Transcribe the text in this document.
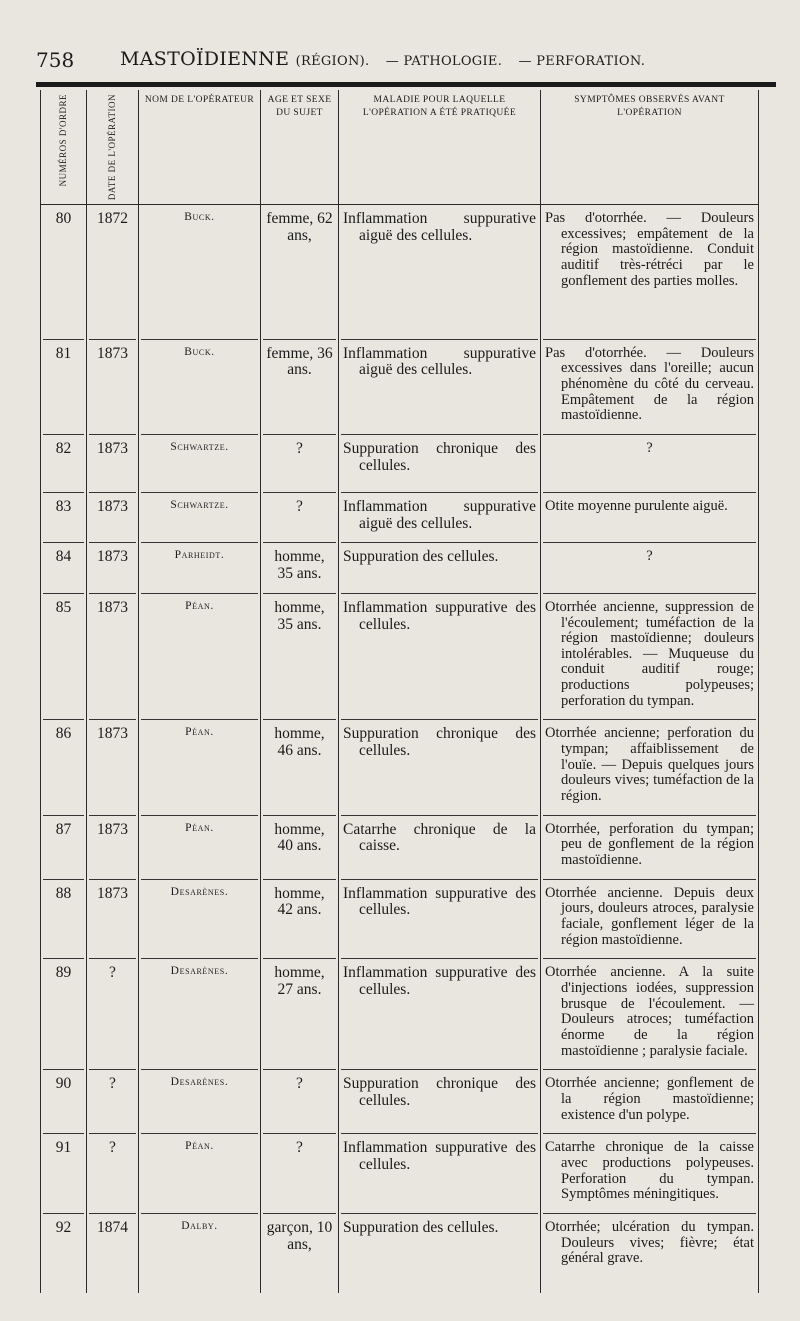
758 MASTOÏDIENNE (RÉGION). — PATHOLOGIE. — PERFORATION.
NUMÉROS D'ORDRE	DATE DE L'OPÉRATION	NOM DE L'OPÉRATEUR	AGE ET SEXE DU SUJET	MALADIE POUR LAQUELLE L'OPÉRATION A ÉTÉ PRATIQUÉE	SYMPTÔMES OBSERVÉS AVANT L'OPÉRATION
80	1872	Buck.	femme, 62 ans,	Inflammation suppurative aiguë des cellules.	Pas d'otorrhée. — Douleurs excessives; empâtement de la région mastoïdienne. Conduit auditif très-rétréci par le gonflement des parties molles.

81	1873	Buck.	femme, 36 ans.	Inflammation suppurative aiguë des cellules.	Pas d'otorrhée. — Douleurs excessives dans l'oreille; aucun phénomène du côté du cerveau. Empâtement de la région mastoïdienne.

82	1873	Schwartze.	?	Suppuration chronique des cellules.	?

83	1873	Schwartze.	?	Inflammation suppurative aiguë des cellules.	Otite moyenne purulente aiguë.

84	1873	Parheidt.	homme, 35 ans.	Suppuration des cellules.	?

85	1873	Péan.	homme, 35 ans.	Inflammation suppurative des cellules.	Otorrhée ancienne, suppression de l'écoulement; tuméfaction de la région mastoïdienne; douleurs intolérables. — Muqueuse du conduit auditif rouge; productions polypeuses; perforation du tympan.

86	1873	Péan.	homme, 46 ans.	Suppuration chronique des cellules.	Otorrhée ancienne; perforation du tympan; affaiblissement de l'ouïe. — Depuis quelques jours douleurs vives; tuméfaction de la région.

87	1873	Péan.	homme, 40 ans.	Catarrhe chronique de la caisse.	Otorrhée, perforation du tympan; peu de gonflement de la région mastoïdienne.

88	1873	Desarènes.	homme, 42 ans.	Inflammation suppurative des cellules.	Otorrhée ancienne. Depuis deux jours, douleurs atroces, paralysie faciale, gonflement léger de la région mastoïdienne.

89	?	Desarènes.	homme, 27 ans.	Inflammation suppurative des cellules.	Otorrhée ancienne. A la suite d'injections iodées, suppression brusque de l'écoulement. — Douleurs atroces; tuméfaction énorme de la région mastoïdienne ; paralysie faciale.

90	?	Desarènes.	?	Suppuration chronique des cellules.	Otorrhée ancienne; gonflement de la région mastoïdienne; existence d'un polype.

91	?	Péan.	?	Inflammation suppurative des cellules.	Catarrhe chronique de la caisse avec productions polypeuses. Perforation du tympan. Symptômes méningitiques.

92	1874	Dalby.	garçon, 10 ans,	Suppuration des cellules.	Otorrhée; ulcération du tympan. Douleurs vives; fièvre; état général grave.
